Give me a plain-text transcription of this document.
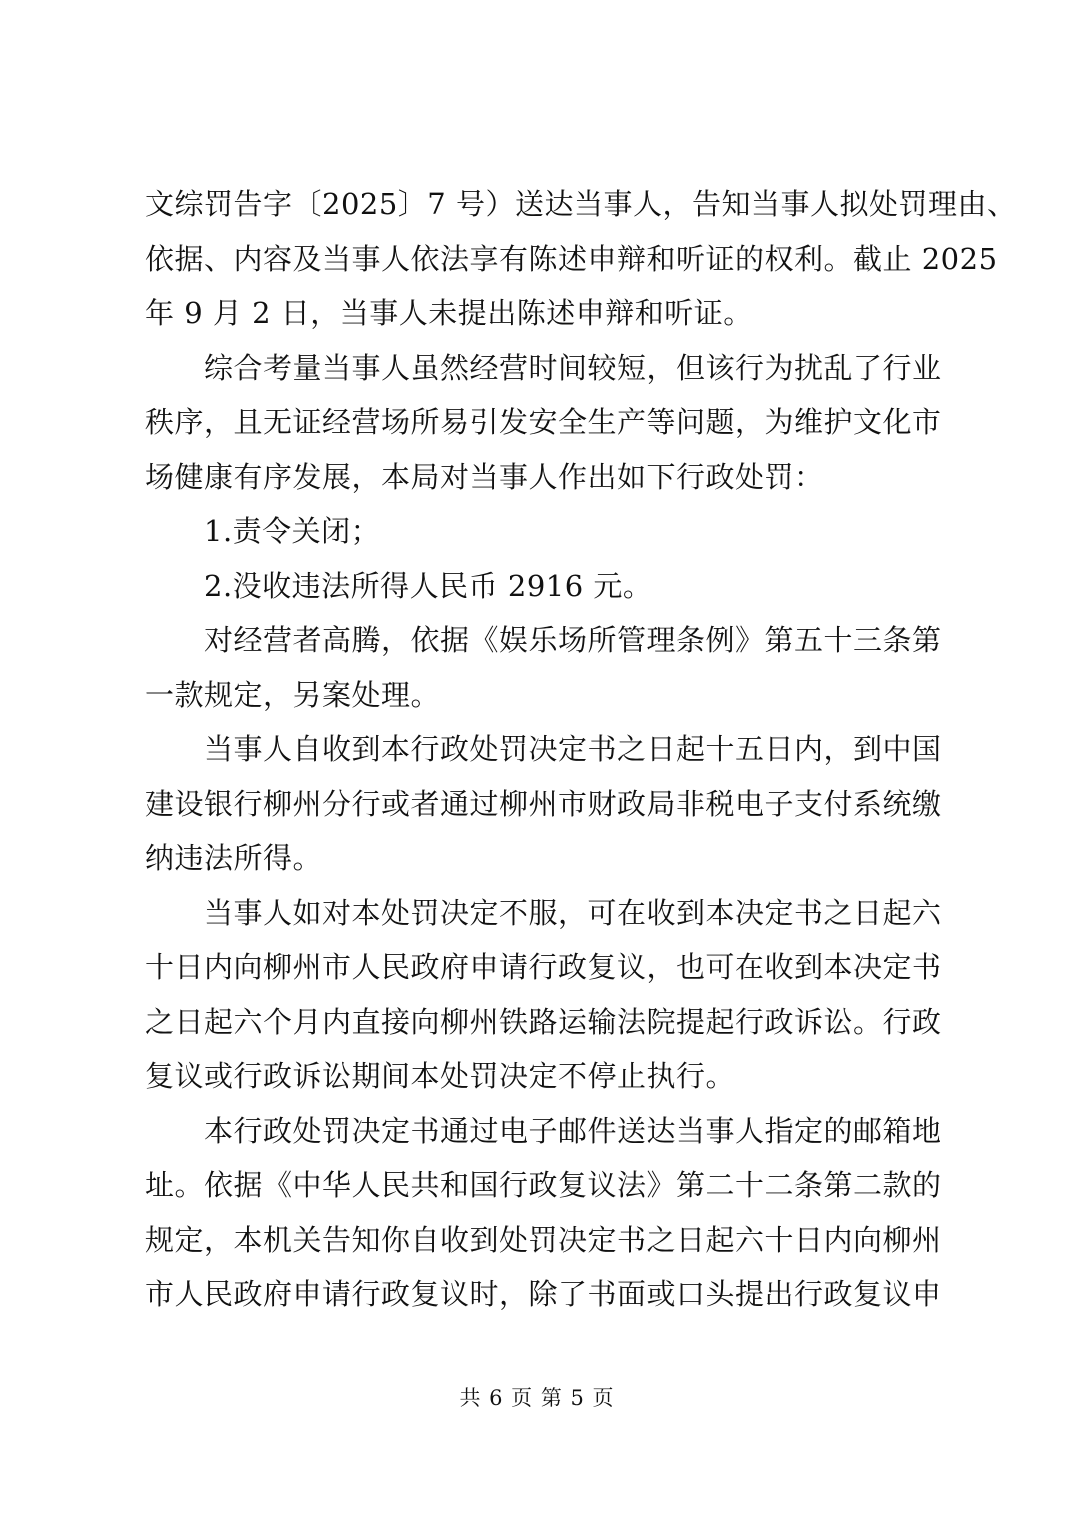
文综罚告字〔2025〕7 号）送达当事人，告知当事人拟处罚理由、
依据、内容及当事人依法享有陈述申辩和听证的权利。截止 2025
年 9 月 2 日，当事人未提出陈述申辩和听证。
综合考量当事人虽然经营时间较短，但该行为扰乱了行业
秩序，且无证经营场所易引发安全生产等问题，为维护文化市
场健康有序发展，本局对当事人作出如下行政处罚：
1.责令关闭；
2.没收违法所得人民币 2916 元。
对经营者高腾，依据《娱乐场所管理条例》第五十三条第
一款规定，另案处理。
当事人自收到本行政处罚决定书之日起十五日内，到中国
建设银行柳州分行或者通过柳州市财政局非税电子支付系统缴
纳违法所得。
当事人如对本处罚决定不服，可在收到本决定书之日起六
十日内向柳州市人民政府申请行政复议，也可在收到本决定书
之日起六个月内直接向柳州铁路运输法院提起行政诉讼。行政
复议或行政诉讼期间本处罚决定不停止执行。
本行政处罚决定书通过电子邮件送达当事人指定的邮箱地
址。依据《中华人民共和国行政复议法》第二十二条第二款的
规定，本机关告知你自收到处罚决定书之日起六十日内向柳州
市人民政府申请行政复议时，除了书面或口头提出行政复议申
共 6 页 第 5 页
